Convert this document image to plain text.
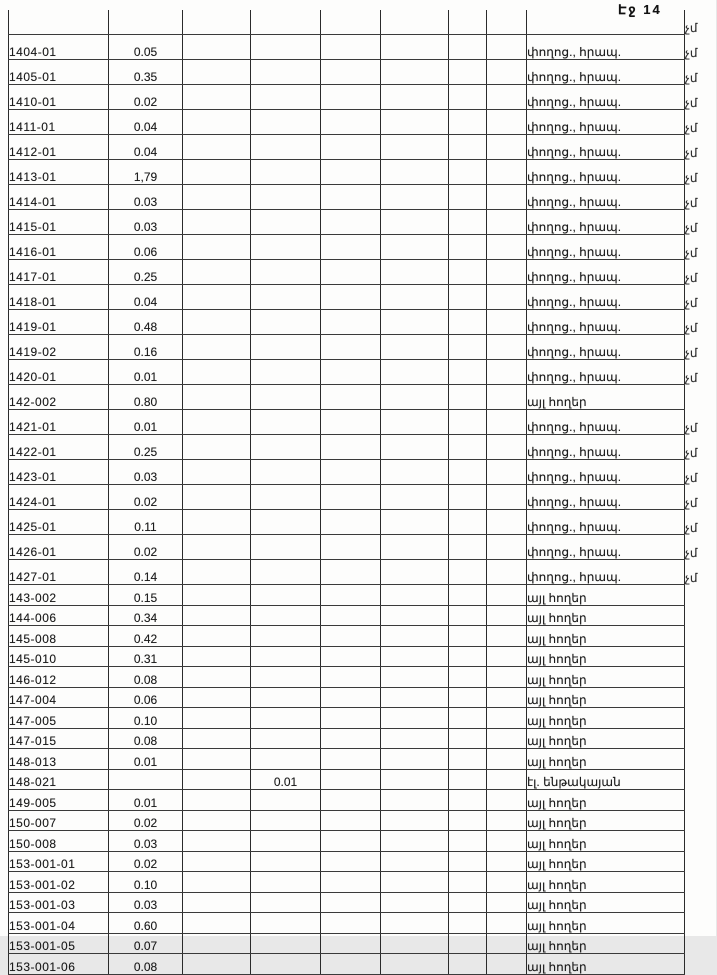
Էջ 14
									չմ
1404-01	0.05							փողոց., հրապ.	չմ
1405-01	0.35							փողոց., հրապ.	չմ
1410-01	0.02							փողոց., հրապ.	չմ
1411-01	0.04							փողոց., հրապ.	չմ
1412-01	0.04							փողոց., հրապ.	չմ
1413-01	1,79							փողոց., հրապ.	չմ
1414-01	0.03							փողոց., հրապ.	չմ
1415-01	0.03							փողոց., հրապ.	չմ
1416-01	0.06							փողոց., հրապ.	չմ
1417-01	0.25							փողոց., հրապ.	չմ
1418-01	0.04							փողոց., հրապ.	չմ
1419-01	0.48							փողոց., հրապ.	չմ
1419-02	0.16							փողոց., հրապ.	չմ
1420-01	0.01							փողոց., հրապ.	չմ
142-002	0.80							այլ հողեր	
1421-01	0.01							փողոց., հրապ.	չմ
1422-01	0.25							փողոց., հրապ.	չմ
1423-01	0.03							փողոց., հրապ.	չմ
1424-01	0.02							փողոց., հրապ.	չմ
1425-01	0.11							փողոց., հրապ.	չմ
1426-01	0.02							փողոց., հրապ.	չմ
1427-01	0.14							փողոց., հրապ.	չմ
143-002	0.15							այլ հողեր	
144-006	0.34							այլ հողեր	
145-008	0.42							այլ հողեր	
145-010	0.31							այլ հողեր	
146-012	0.08							այլ հողեր	
147-004	0.06							այլ հողեր	
147-005	0.10							այլ հողեր	
147-015	0.08							այլ հողեր	
148-013	0.01							այլ հողեր	
148-021			0.01					էլ. ենթակայան	
149-005	0.01							այլ հողեր	
150-007	0.02							այլ հողեր	
150-008	0.03							այլ հողեր	
153-001-01	0.02							այլ հողեր	
153-001-02	0.10							այլ հողեր	
153-001-03	0.03							այլ հողեր	
153-001-04	0.60							այլ հողեր	
153-001-05	0.07							այլ հողեր	
153-001-06	0.08							այլ հողեր	
